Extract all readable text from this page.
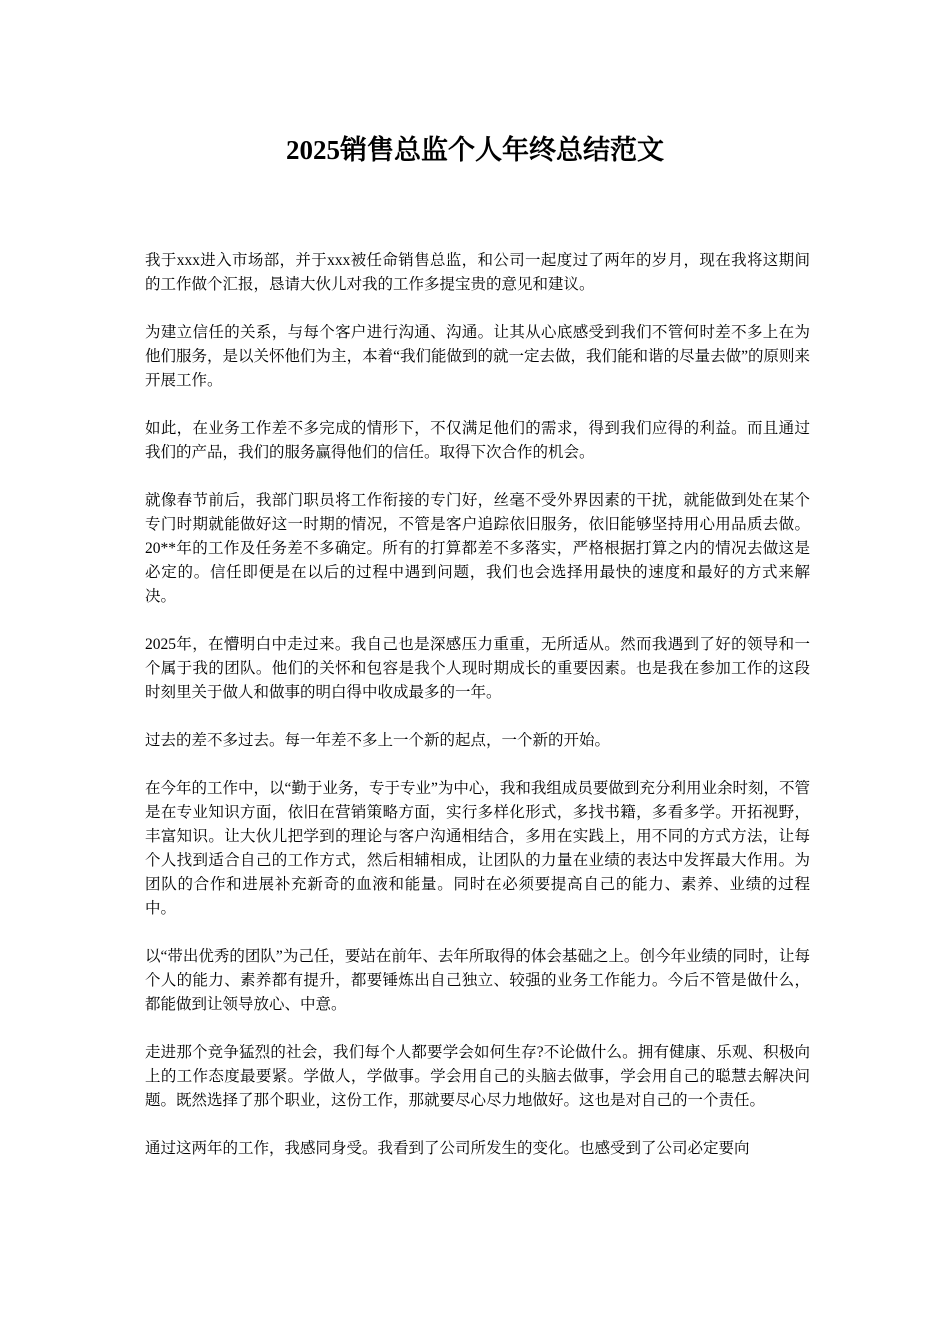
2025销售总监个人年终总结范文

我于xxx进入市场部，并于xxx被任命销售总监，和公司一起度过了两年的岁月，现在我将这期间的工作做个汇报，恳请大伙儿对我的工作多提宝贵的意见和建议。

为建立信任的关系，与每个客户进行沟通、沟通。让其从心底感受到我们不管何时差不多上在为他们服务，是以关怀他们为主，本着“我们能做到的就一定去做，我们能和谐的尽量去做”的原则来开展工作。

如此，在业务工作差不多完成的情形下，不仅满足他们的需求，得到我们应得的利益。而且通过我们的产品，我们的服务赢得他们的信任。取得下次合作的机会。

就像春节前后，我部门职员将工作衔接的专门好，丝毫不受外界因素的干扰，就能做到处在某个专门时期就能做好这一时期的情况，不管是客户追踪依旧服务，依旧能够坚持用心用品质去做。20**年的工作及任务差不多确定。所有的打算都差不多落实，严格根据打算之内的情况去做这是必定的。信任即便是在以后的过程中遇到问题，我们也会选择用最快的速度和最好的方式来解决。

2025年，在懵明白中走过来。我自己也是深感压力重重，无所适从。然而我遇到了好的领导和一个属于我的团队。他们的关怀和包容是我个人现时期成长的重要因素。也是我在参加工作的这段时刻里关于做人和做事的明白得中收成最多的一年。

过去的差不多过去。每一年差不多上一个新的起点，一个新的开始。

在今年的工作中，以“勤于业务，专于专业”为中心，我和我组成员要做到充分利用业余时刻，不管是在专业知识方面，依旧在营销策略方面，实行多样化形式，多找书籍，多看多学。开拓视野，丰富知识。让大伙儿把学到的理论与客户沟通相结合，多用在实践上，用不同的方式方法，让每个人找到适合自己的工作方式，然后相辅相成，让团队的力量在业绩的表达中发挥最大作用。为团队的合作和进展补充新奇的血液和能量。同时在必须要提高自己的能力、素养、业绩的过程中。

以“带出优秀的团队”为己任，要站在前年、去年所取得的体会基础之上。创今年业绩的同时，让每个人的能力、素养都有提升，都要锤炼出自己独立、较强的业务工作能力。今后不管是做什么，都能做到让领导放心、中意。

走进那个竞争猛烈的社会，我们每个人都要学会如何生存?不论做什么。拥有健康、乐观、积极向上的工作态度最要紧。学做人，学做事。学会用自己的头脑去做事，学会用自己的聪慧去解决问题。既然选择了那个职业，这份工作，那就要尽心尽力地做好。这也是对自己的一个责任。

通过这两年的工作，我感同身受。我看到了公司所发生的变化。也感受到了公司必定要向
